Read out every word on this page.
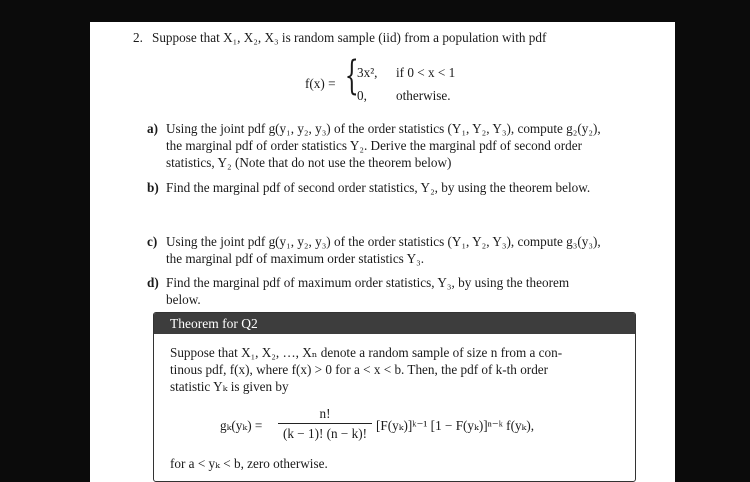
2. Suppose that X₁, X₂, X₃ is random sample (iid) from a population with pdf
f(x) = {
3x², if 0 < x < 1
0, otherwise.
a) Using the joint pdf g(y₁, y₂, y₃) of the order statistics (Y₁, Y₂, Y₃), compute g₂(y₂),
the marginal pdf of order statistics Y₂. Derive the marginal pdf of second order
statistics, Y₂ (Note that do not use the theorem below)
b) Find the marginal pdf of second order statistics, Y₂, by using the theorem below.
c) Using the joint pdf g(y₁, y₂, y₃) of the order statistics (Y₁, Y₂, Y₃), compute g₃(y₃),
the marginal pdf of maximum order statistics Y₃.
d) Find the marginal pdf of maximum order statistics, Y₃, by using the theorem
below.
Theorem for Q2
Suppose that X₁, X₂, …, Xₙ denote a random sample of size n from a con-
tinous pdf, f(x), where f(x) > 0 for a < x < b. Then, the pdf of k-th order
statistic Yₖ is given by
gₖ(yₖ) =
n!
(k − 1)! (n − k)!
[F(yₖ)]ᵏ⁻¹ [1 − F(yₖ)]ⁿ⁻ᵏ f(yₖ),
for a < yₖ < b, zero otherwise.
